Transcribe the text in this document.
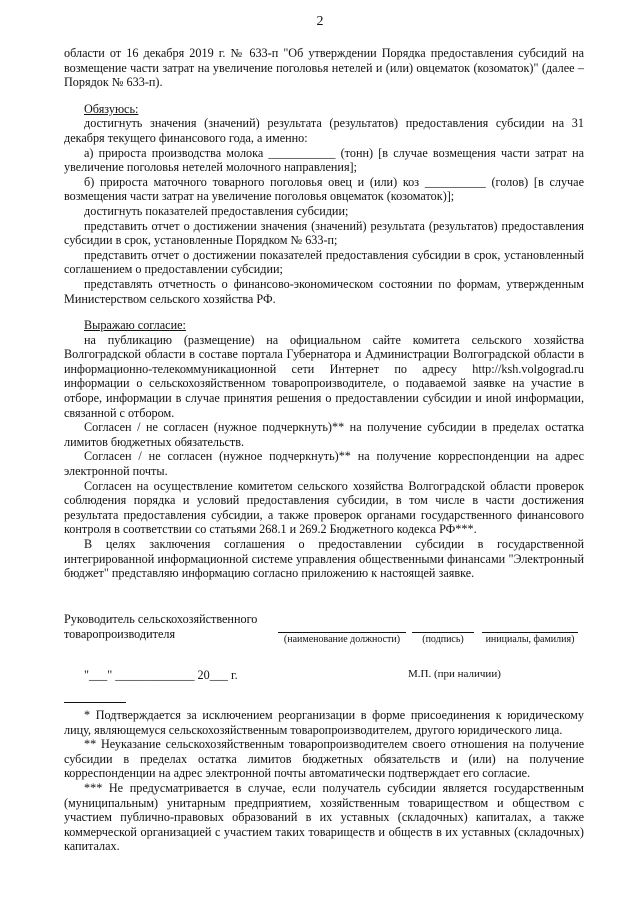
2

области от 16 декабря 2019 г. № 633-п "Об утверждении Порядка предоставления субсидий на возмещение части затрат на увеличение поголовья нетелей и (или) овцематок (козоматок)" (далее – Порядок № 633-п).

Обязуюсь:

достигнуть значения (значений) результата (результатов) предоставления субсидии на 31 декабря текущего финансового года, а именно:

а) прироста производства молока ___________ (тонн) [в случае возмещения части затрат на увеличение поголовья нетелей молочного направления];

б) прироста маточного товарного поголовья овец и (или) коз __________ (голов) [в случае возмещения части затрат на увеличение поголовья овцематок (козоматок)];

достигнуть показателей предоставления субсидии;

представить отчет о достижении значения (значений) результата (результатов) предоставления субсидии в срок, установленные Порядком № 633-п;

представить отчет о достижении показателей предоставления субсидии в срок, установленный соглашением о предоставлении субсидии;

представлять отчетность о финансово-экономическом состоянии по формам, утвержденным Министерством сельского хозяйства РФ.

Выражаю согласие:

на публикацию (размещение) на официальном сайте комитета сельского хозяйства Волгоградской области в составе портала Губернатора и Администрации Волгоградской области в информационно-телекоммуникационной сети Интернет по адресу http://ksh.volgograd.ru информации о сельскохозяйственном товаропроизводителе, о подаваемой заявке на участие в отборе, информации в случае принятия решения о предоставлении субсидии и иной информации, связанной с отбором.

Согласен / не согласен (нужное подчеркнуть)** на получение субсидии в пределах остатка лимитов бюджетных обязательств.

Согласен / не согласен (нужное подчеркнуть)** на получение корреспонденции на адрес электронной почты.

Согласен на осуществление комитетом сельского хозяйства Волгоградской области проверок соблюдения порядка и условий предоставления субсидии, в том числе в части достижения результата предоставления субсидии, а также проверок органами государственного финансового контроля в соответствии со статьями 268.1 и 269.2 Бюджетного кодекса РФ***.

В целях заключения соглашения о предоставлении субсидии в государственной интегрированной информационной системе управления общественными финансами "Электронный бюджет" представляю информацию согласно приложению к настоящей заявке.

Руководитель сельскохозяйственного
товаропроизводителя	(наименование должности)	(подпись)	инициалы, фамилия)
"___" _____________ 20___ г.	М.П. (при наличии)

* Подтверждается за исключением реорганизации в форме присоединения к юридическому лицу, являющемуся сельскохозяйственным товаропроизводителем, другого юридического лица.

** Неуказание сельскохозяйственным товаропроизводителем своего отношения на получение субсидии в пределах остатка лимитов бюджетных обязательств и (или) на получение корреспонденции на адрес электронной почты автоматически подтверждает его согласие.

*** Не предусматривается в случае, если получатель субсидии является государственным (муниципальным) унитарным предприятием, хозяйственным товариществом и обществом с участием публично-правовых образований в их уставных (складочных) капиталах, а также коммерческой организацией с участием таких товариществ и обществ в их уставных (складочных) капиталах.
